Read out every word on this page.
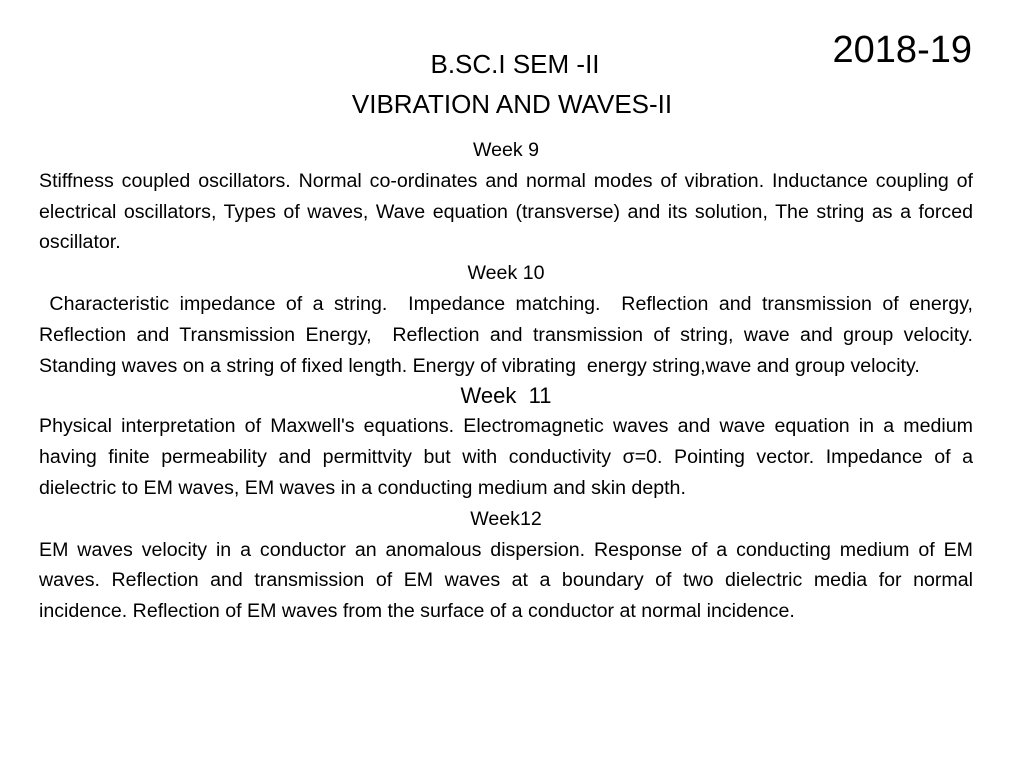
2018-19
B.SC.I SEM -II
VIBRATION AND WAVES-II

Week 9

Stiffness coupled oscillators. Normal co-ordinates and normal modes of vibration. Inductance coupling of electrical oscillators, Types of waves, Wave equation (transverse) and its solution, The string as a forced oscillator.

Week 10

Characteristic impedance of a string.  Impedance matching.  Reflection and transmission of energy, Reflection and Transmission Energy,  Reflection and transmission of string, wave and group velocity.  Standing waves on a string of fixed length. Energy of vibrating  energy string,wave and group velocity.

Week  11

Physical interpretation of Maxwell's equations. Electromagnetic waves and wave equation in a medium having finite permeability and permittvity but with conductivity σ=0. Pointing vector. Impedance of a dielectric to EM waves, EM waves in a conducting medium and skin depth.

Week12

EM waves velocity in a conductor an anomalous dispersion. Response of a conducting medium of EM waves. Reflection and transmission of EM waves at a boundary of two dielectric media for normal incidence. Reflection of EM waves from the surface of a conductor at normal incidence.
